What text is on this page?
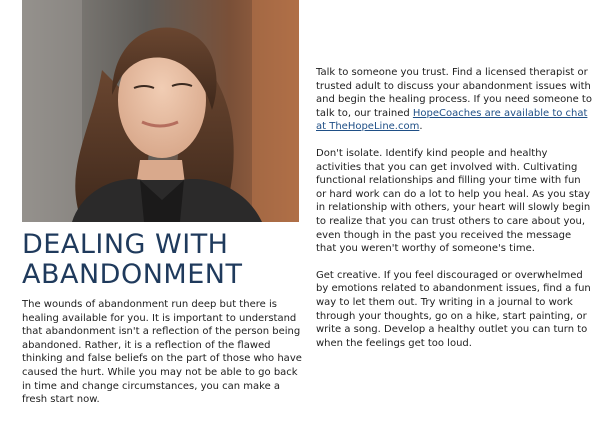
DEALING WITH
ABANDONMENT

The wounds of abandonment run deep but there is healing available for you. It is important to understand that abandonment isn't a reflection of the person being abandoned. Rather, it is a reflection of the flawed thinking and false beliefs on the part of those who have caused the hurt. While you may not be able to go back in time and change circumstances, you can make a fresh start now.

Talk to someone you trust. Find a licensed therapist or trusted adult to discuss your abandonment issues with and begin the healing process. If you need someone to talk to, our trained HopeCoaches are available to chat at TheHopeLine.com.

Don't isolate. Identify kind people and healthy activities that you can get involved with. Cultivating functional relationships and filling your time with fun or hard work can do a lot to help you heal. As you stay in relationship with others, your heart will slowly begin to realize that you can trust others to care about you, even though in the past you received the message that you weren't worthy of someone's time.

Get creative. If you feel discouraged or overwhelmed by emotions related to abandonment issues, find a fun way to let them out. Try writing in a journal to work through your thoughts, go on a hike, start painting, or write a song. Develop a healthy outlet you can turn to when the feelings get too loud.
